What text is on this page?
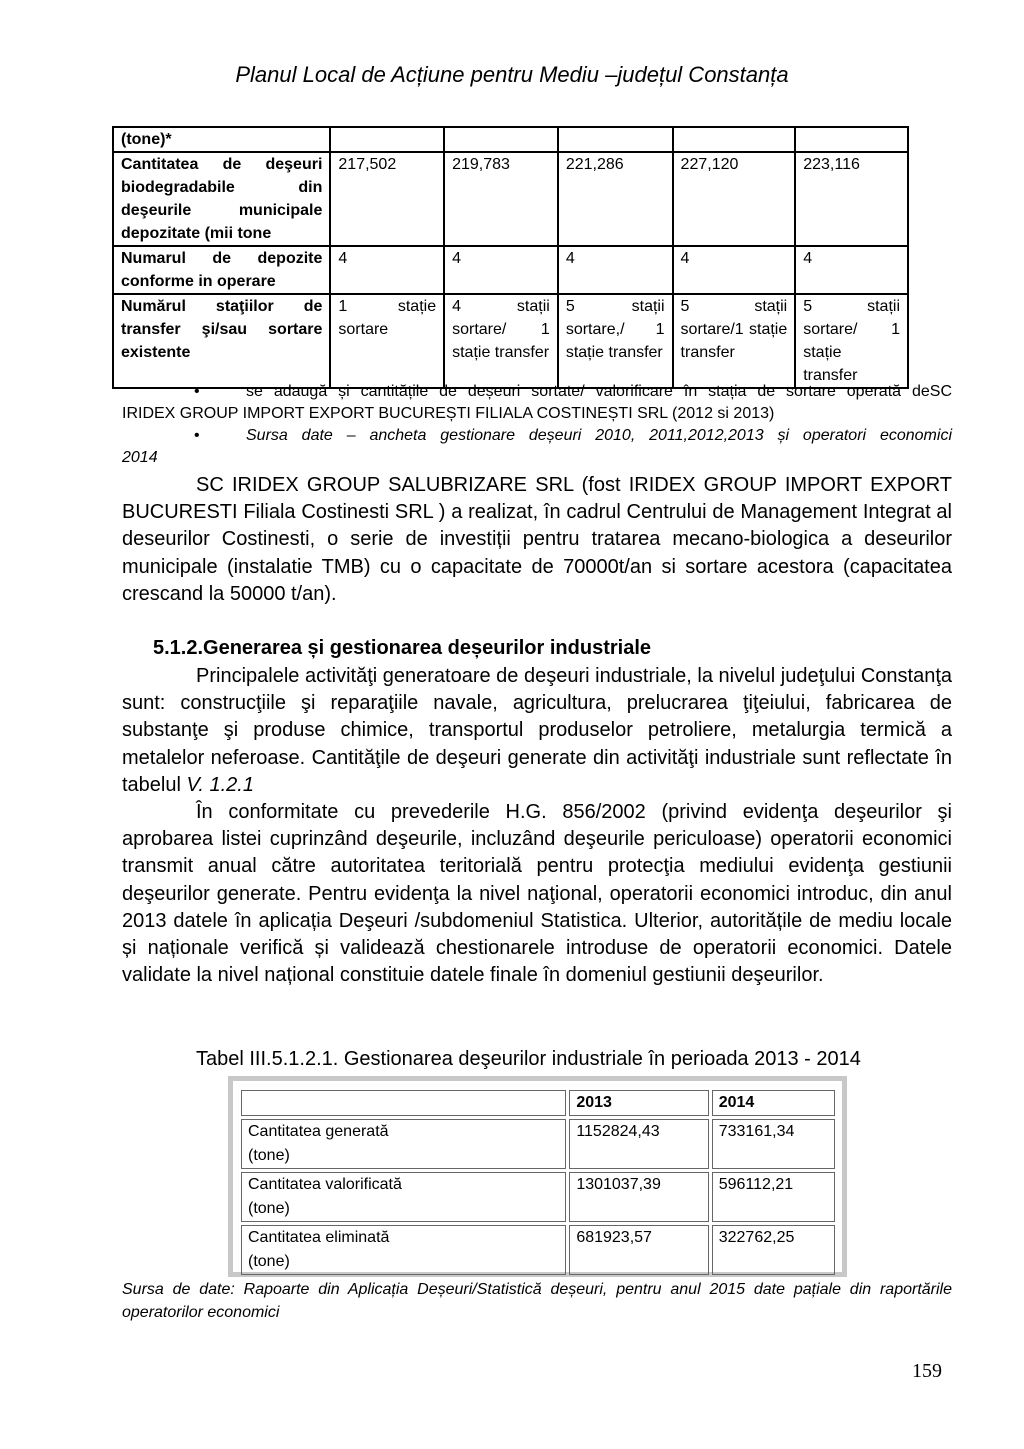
Planul Local de Acțiune pentru Mediu –județul Constanța
(tone)*					
Cantitatea de deşeuri biodegradabile din deşeurile municipale depozitate (mii tone	217,502	219,783	221,286	227,120	223,116
Numarul de depozite conforme in operare	4	4	4	4	4
Numărul staţiilor de transfer şi/sau sortare existente	1 stație sortare	4 stații sortare/ 1 stație transfer	5 stații sortare,/ 1 stație transfer	5 stații sortare/1 stație transfer	5 stații sortare/ 1 stație transfer
•	se adaugă și cantitățile de deșeuri sortate/ valorificare în stația de sortare operată deSC
IRIDEX GROUP IMPORT EXPORT BUCUREȘTI FILIALA COSTINEȘTI SRL (2012 si 2013)
•	Sursa date – ancheta gestionare deșeuri 2010, 2011,2012,2013 și operatori economici
2014

SC IRIDEX GROUP SALUBRIZARE SRL (fost IRIDEX GROUP IMPORT EXPORT BUCURESTI Filiala Costinesti SRL ) a realizat, în cadrul Centrului de Management Integrat al deseurilor Costinesti, o serie de investiții pentru tratarea mecano-biologica a deseurilor municipale (instalatie TMB) cu o capacitate de 70000t/an si sortare acestora (capacitatea crescand la 50000 t/an).

5.1.2.Generarea și gestionarea deșeurilor industriale

Principalele activităţi generatoare de deşeuri industriale, la nivelul judeţului Constanţa sunt: construcţiile şi reparaţiile navale, agricultura, prelucrarea ţiţeiului, fabricarea de substanţe şi produse chimice, transportul produselor petroliere, metalurgia termică a metalelor neferoase. Cantităţile de deşeuri generate din activităţi industriale sunt reflectate în tabelul V. 1.2.1

În conformitate cu prevederile H.G. 856/2002 (privind evidenţa deşeurilor şi aprobarea listei cuprinzând deşeurile, incluzând deşeurile periculoase) operatorii economici transmit anual către autoritatea teritorială pentru protecţia mediului evidenţa gestiunii deşeurilor generate. Pentru evidenţa la nivel naţional, operatorii economici introduc, din anul 2013 datele în aplicația Deşeuri /subdomeniul Statistica. Ulterior, autoritățile de mediu locale și naționale verifică și validează chestionarele introduse de operatorii economici. Datele validate la nivel național constituie datele finale în domeniul gestiunii deşeurilor.

Tabel III.5.1.2.1. Gestionarea deşeurilor industriale în perioada 2013 - 2014
	2013	2014

Cantitatea generată
(tone)	1152824,43	733161,34

Cantitatea valorificată
(tone)	1301037,39	596112,21

Cantitatea eliminată
(tone)	681923,57	322762,25
Sursa de date: Rapoarte din Aplicația Deșeuri/Statistică deșeuri, pentru anul 2015 date pațiale din raportările operatorilor economici
159
